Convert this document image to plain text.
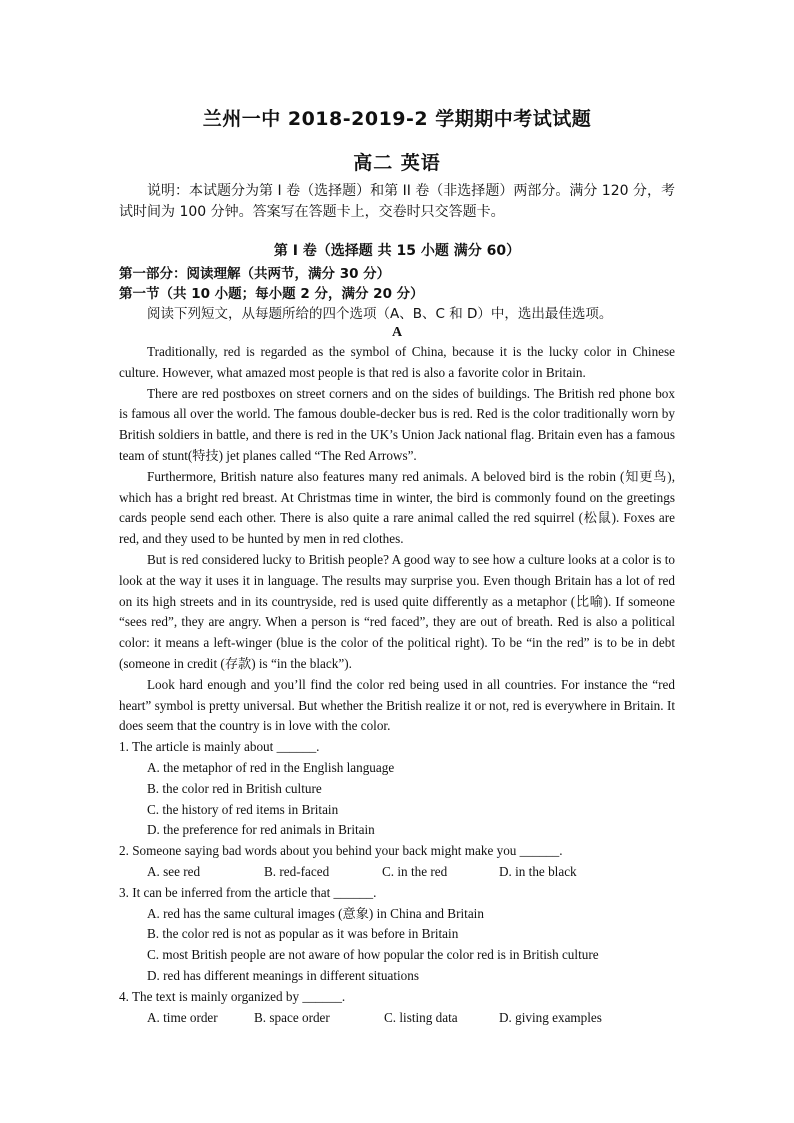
兰州一中 2018-2019-2 学期期中考试试题
高二 英语
说明：本试题分为第 I 卷（选择题）和第 II 卷（非选择题）两部分。满分 120 分，考试时间为 100 分钟。答案写在答题卡上，交卷时只交答题卡。
第 I 卷（选择题 共 15 小题 满分 60）
第一部分：阅读理解（共两节，满分 30 分）
第一节（共 10 小题；每小题 2 分，满分 20 分）
阅读下列短文，从每题所给的四个选项（A、B、C 和 D）中，选出最佳选项。
A

Traditionally, red is regarded as the symbol of China, because it is the lucky color in Chinese culture. However, what amazed most people is that red is also a favorite color in Britain.

There are red postboxes on street corners and on the sides of buildings. The British red phone box is famous all over the world. The famous double-decker bus is red. Red is the color traditionally worn by British soldiers in battle, and there is red in the UK’s Union Jack national flag. Britain even has a famous team of stunt(特技) jet planes called “The Red Arrows”.

Furthermore, British nature also features many red animals. A beloved bird is the robin (知更鸟), which has a bright red breast. At Christmas time in winter, the bird is commonly found on the greetings cards people send each other. There is also quite a rare animal called the red squirrel (松鼠). Foxes are red, and they used to be hunted by men in red clothes.

But is red considered lucky to British people? A good way to see how a culture looks at a color is to look at the way it uses it in language. The results may surprise you. Even though Britain has a lot of red on its high streets and in its countryside, red is used quite differently as a metaphor (比喻). If someone “sees red”, they are angry. When a person is “red faced”, they are out of breath. Red is also a political color: it means a left-winger (blue is the color of the political right). To be “in the red” is to be in debt (someone in credit (存款) is “in the black”).

Look hard enough and you’ll find the color red being used in all countries. For instance the “red heart” symbol is pretty universal. But whether the British realize it or not, red is everywhere in Britain. It does seem that the country is in love with the color.

1. The article is mainly about ______.
A. the metaphor of red in the English language
B. the color red in British culture
C. the history of red items in Britain
D. the preference for red animals in Britain
2. Someone saying bad words about you behind your back might make you ______.
A. see red	B. red-faced	C. in the red	D. in the black
3. It can be inferred from the article that ______.
A. red has the same cultural images (意象) in China and Britain
B. the color red is not as popular as it was before in Britain
C. most British people are not aware of how popular the color red is in British culture
D. red has different meanings in different situations
4. The text is mainly organized by ______.
A. time order	B. space order	C. listing data	D. giving examples
